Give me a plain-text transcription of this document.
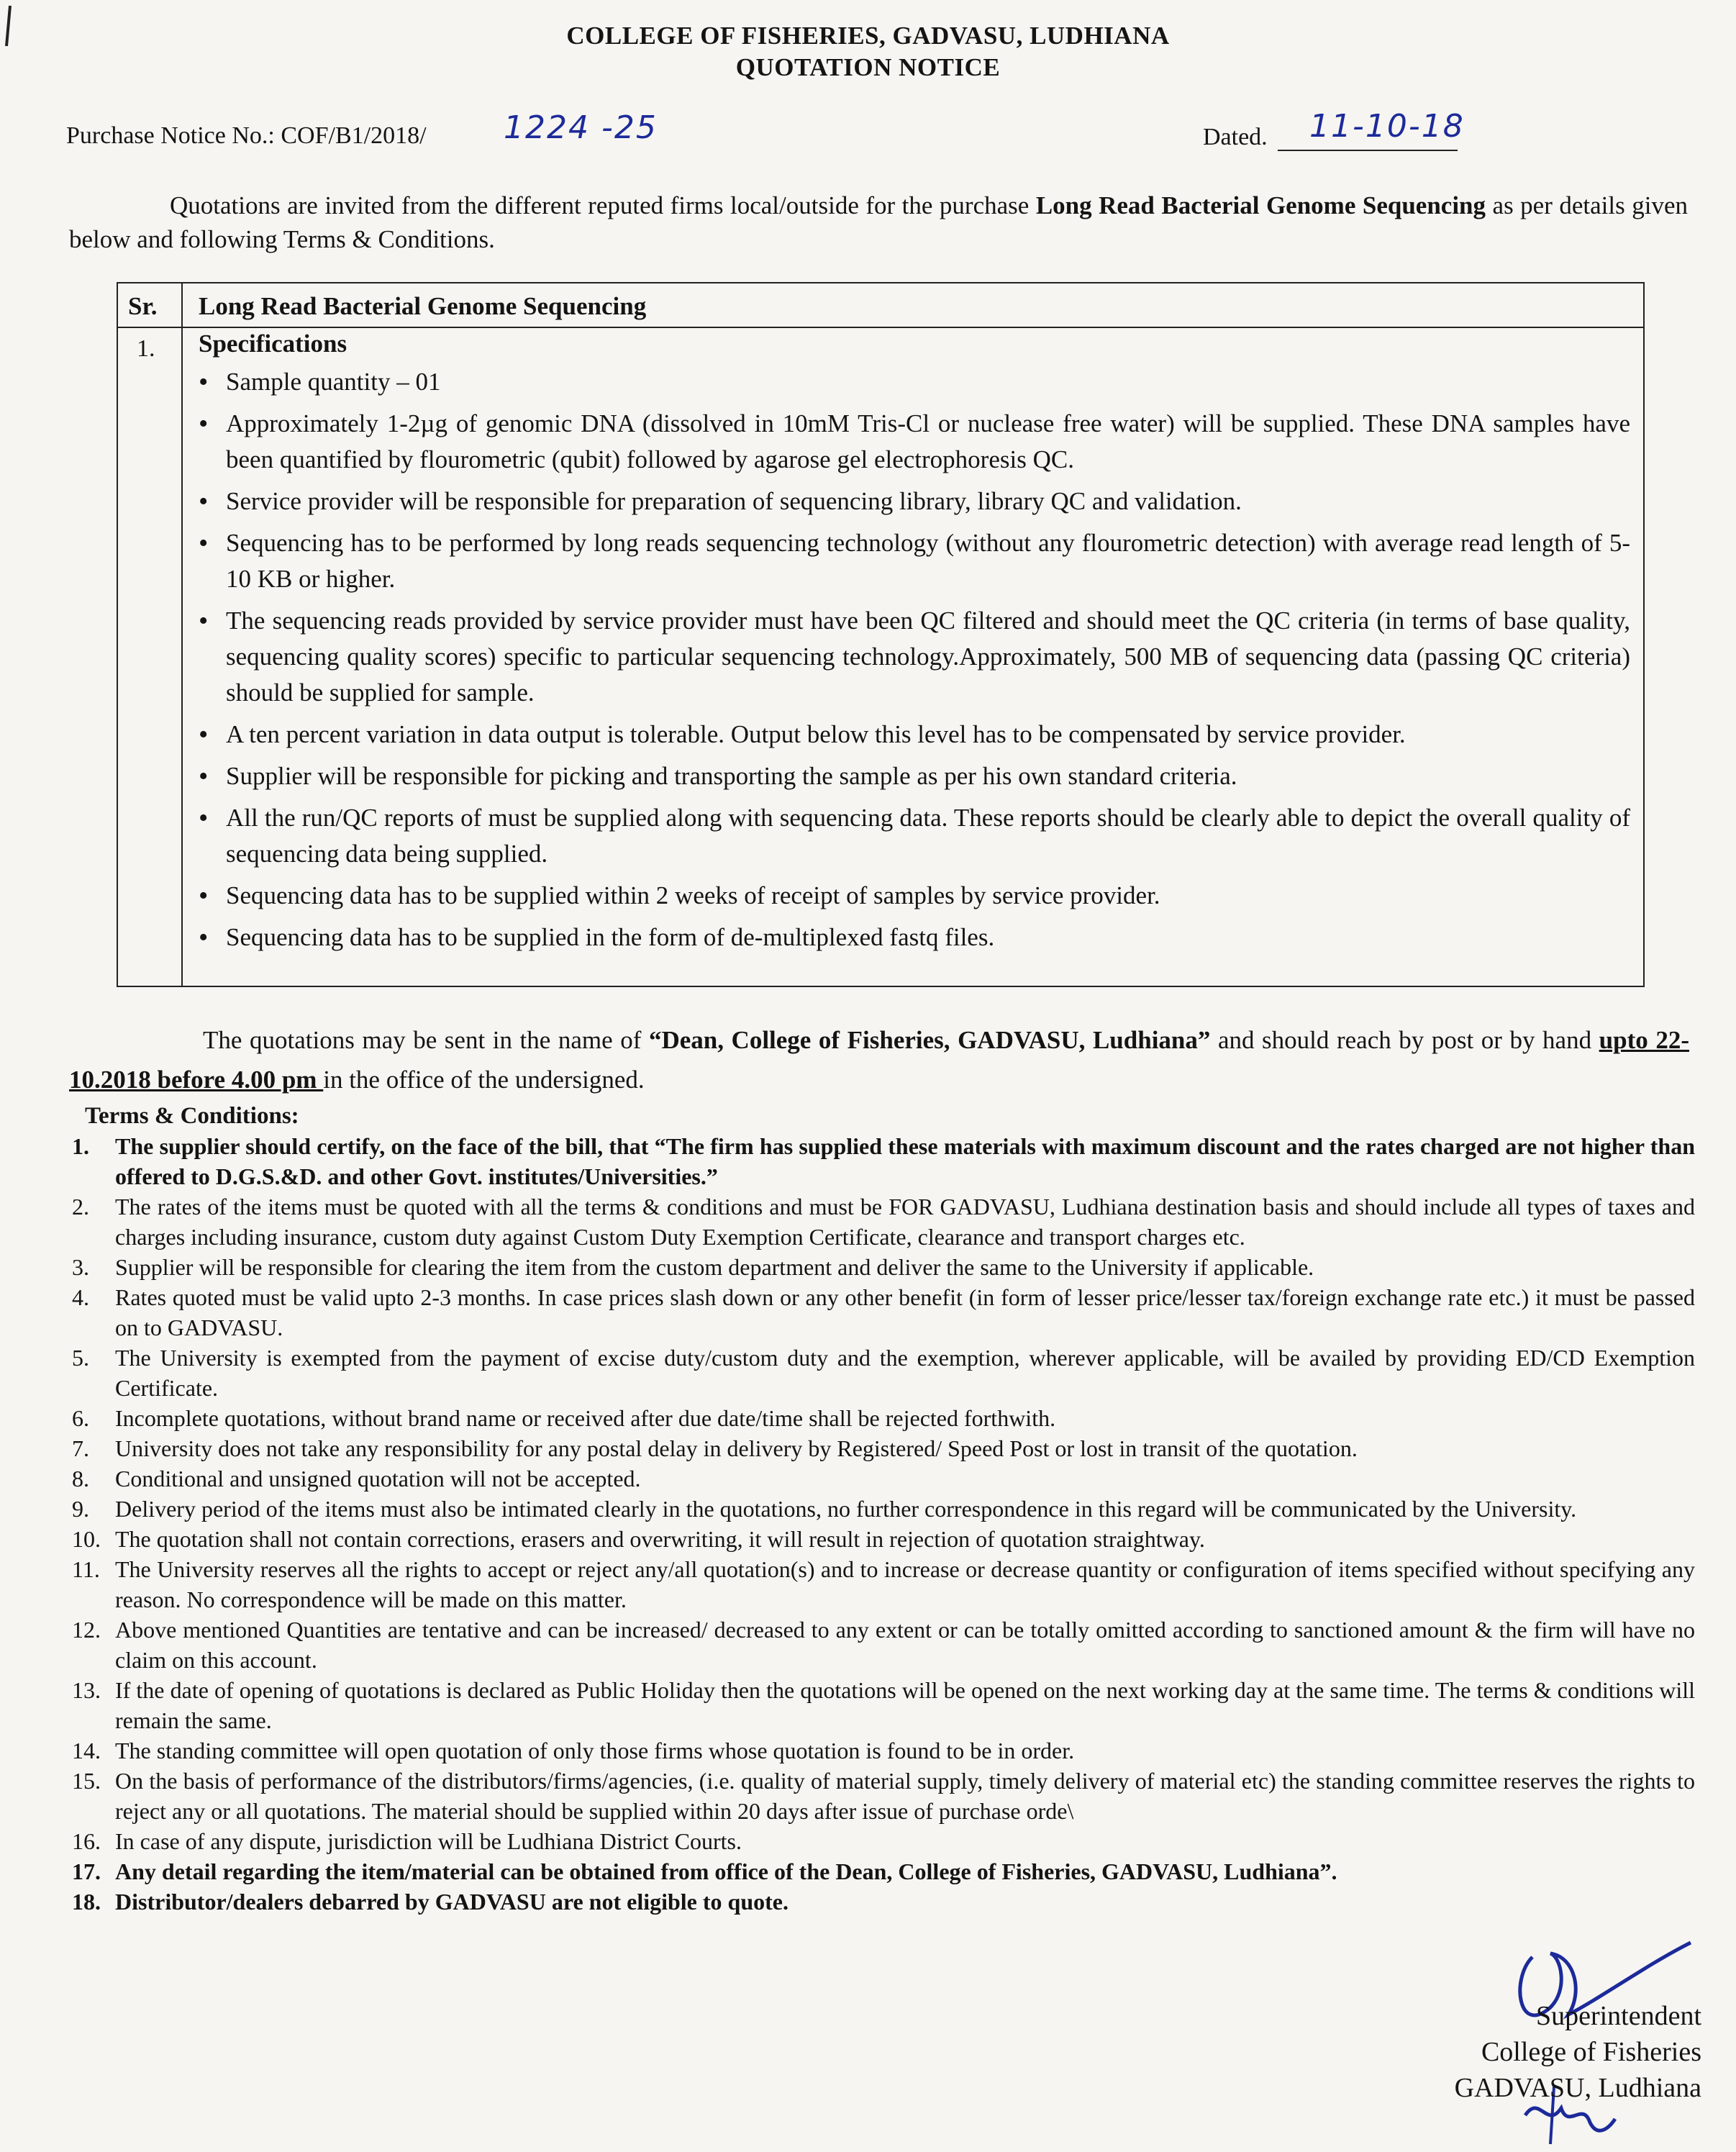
COLLEGE OF FISHERIES, GADVASU, LUDHIANA
QUOTATION NOTICE
Purchase Notice No.: COF/B1/2018/ 1224 -25	Dated. 11-10-18
Quotations are invited from the different reputed firms local/outside for the purchase Long Read Bacterial Genome Sequencing as per details given below and following Terms & Conditions.
Sr. Long Read Bacterial Genome Sequencing
1. Specifications
• Sample quantity – 01
• Approximately 1-2µg of genomic DNA (dissolved in 10mM Tris-Cl or nuclease free water) will be supplied. These DNA samples have been quantified by flourometric (qubit) followed by agarose gel electrophoresis QC.
• Service provider will be responsible for preparation of sequencing library, library QC and validation.
• Sequencing has to be performed by long reads sequencing technology (without any flourometric detection) with average read length of 5-10 KB or higher.
• The sequencing reads provided by service provider must have been QC filtered and should meet the QC criteria (in terms of base quality, sequencing quality scores) specific to particular sequencing technology.Approximately, 500 MB of sequencing data (passing QC criteria) should be supplied for sample.
• A ten percent variation in data output is tolerable. Output below this level has to be compensated by service provider.
• Supplier will be responsible for picking and transporting the sample as per his own standard criteria.
• All the run/QC reports of must be supplied along with sequencing data. These reports should be clearly able to depict the overall quality of sequencing data being supplied.
• Sequencing data has to be supplied within 2 weeks of receipt of samples by service provider.
• Sequencing data has to be supplied in the form of de-multiplexed fastq files.
The quotations may be sent in the name of “Dean, College of Fisheries, GADVASU, Ludhiana” and should reach by post or by hand upto 22-10.2018 before 4.00 pm in the office of the undersigned.
Terms & Conditions:
1. The supplier should certify, on the face of the bill, that “The firm has supplied these materials with maximum discount and the rates charged are not higher than offered to D.G.S.&D. and other Govt. institutes/Universities.”
2. The rates of the items must be quoted with all the terms & conditions and must be FOR GADVASU, Ludhiana destination basis and should include all types of taxes and charges including insurance, custom duty against Custom Duty Exemption Certificate, clearance and transport charges etc.
3. Supplier will be responsible for clearing the item from the custom department and deliver the same to the University if applicable.
4. Rates quoted must be valid upto 2-3 months. In case prices slash down or any other benefit (in form of lesser price/lesser tax/foreign exchange rate etc.) it must be passed on to GADVASU.
5. The University is exempted from the payment of excise duty/custom duty and the exemption, wherever applicable, will be availed by providing ED/CD Exemption Certificate.
6. Incomplete quotations, without brand name or received after due date/time shall be rejected forthwith.
7. University does not take any responsibility for any postal delay in delivery by Registered/ Speed Post or lost in transit of the quotation.
8. Conditional and unsigned quotation will not be accepted.
9. Delivery period of the items must also be intimated clearly in the quotations, no further correspondence in this regard will be communicated by the University.
10. The quotation shall not contain corrections, erasers and overwriting, it will result in rejection of quotation straightway.
11. The University reserves all the rights to accept or reject any/all quotation(s) and to increase or decrease quantity or configuration of items specified without specifying any reason. No correspondence will be made on this matter.
12. Above mentioned Quantities are tentative and can be increased/ decreased to any extent or can be totally omitted according to sanctioned amount & the firm will have no claim on this account.
13. If the date of opening of quotations is declared as Public Holiday then the quotations will be opened on the next working day at the same time. The terms & conditions will remain the same.
14. The standing committee will open quotation of only those firms whose quotation is found to be in order.
15. On the basis of performance of the distributors/firms/agencies, (i.e. quality of material supply, timely delivery of material etc) the standing committee reserves the rights to reject any or all quotations. The material should be supplied within 20 days after issue of purchase orde\
16. In case of any dispute, jurisdiction will be Ludhiana District Courts.
17. Any detail regarding the item/material can be obtained from office of the Dean, College of Fisheries, GADVASU, Ludhiana”.
18. Distributor/dealers debarred by GADVASU are not eligible to quote.
Superintendent
College of Fisheries
GADVASU, Ludhiana
